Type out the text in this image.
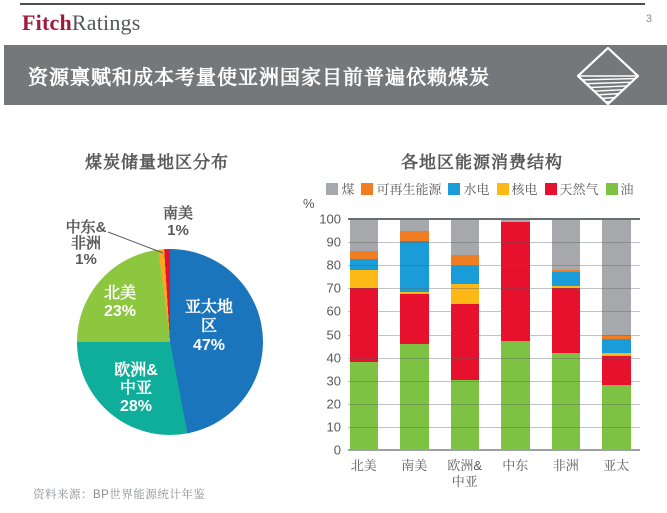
FitchRatings	3
资源禀赋和成本考量使亚洲国家目前普遍依赖煤炭
煤炭储量地区分布
亚太地
区
47%
欧洲&
中亚
28%
北美
23%
中东&
非洲
1%
南美
1%
各地区能源消费结构
煤 可再生能源 水电 核电 天然气 油
%
0
10
20
30
40
50
60
70
80
90
100
北美 南美 欧洲&
中亚
中东 非洲 亚太
资料来源：BP世界能源统计年鉴
